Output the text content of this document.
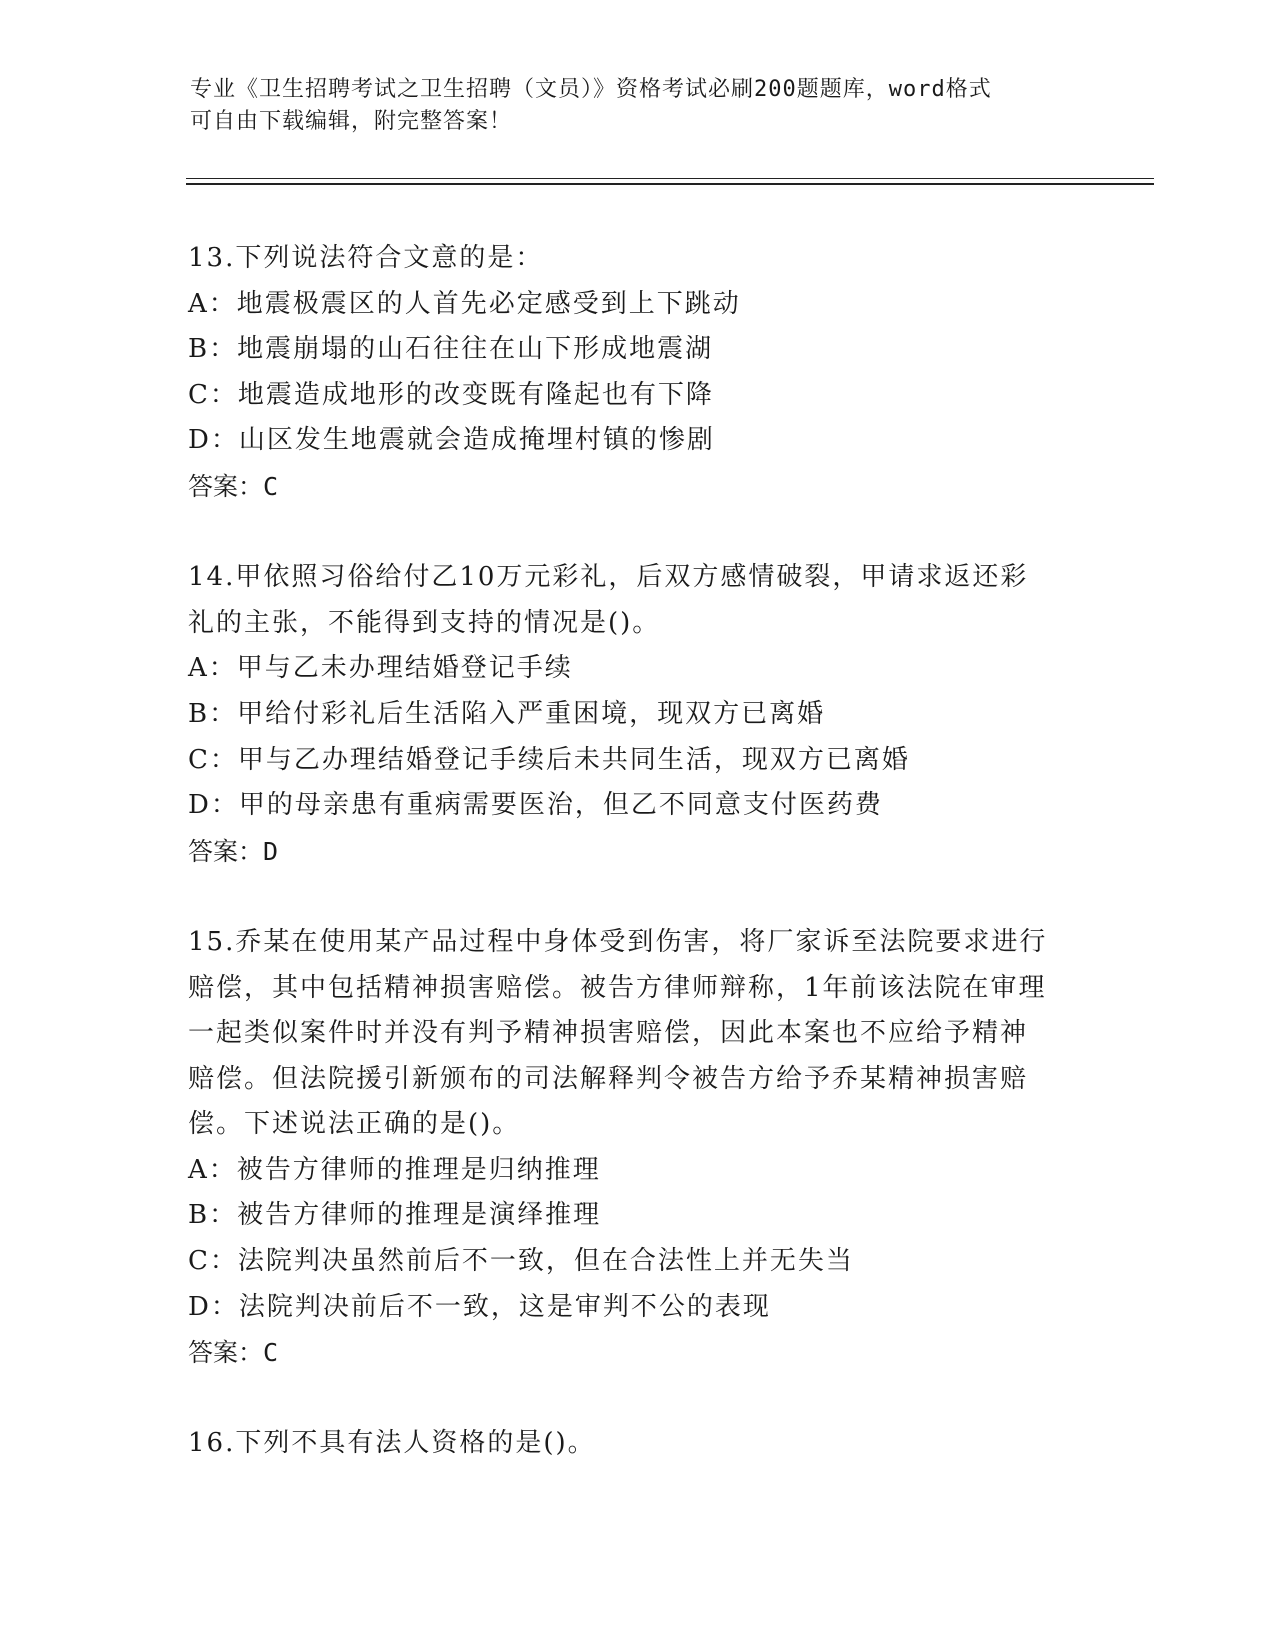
专业《卫生招聘考试之卫生招聘（文员）》资格考试必刷200题题库，word格式
可自由下载编辑，附完整答案！
13.下列说法符合文意的是：
A：地震极震区的人首先必定感受到上下跳动
B：地震崩塌的山石往往在山下形成地震湖
C：地震造成地形的改变既有隆起也有下降
D：山区发生地震就会造成掩埋村镇的惨剧
答案：C
14.甲依照习俗给付乙10万元彩礼，后双方感情破裂，甲请求返还彩
礼的主张，不能得到支持的情况是()。
A：甲与乙未办理结婚登记手续
B：甲给付彩礼后生活陷入严重困境，现双方已离婚
C：甲与乙办理结婚登记手续后未共同生活，现双方已离婚
D：甲的母亲患有重病需要医治，但乙不同意支付医药费
答案：D
15.乔某在使用某产品过程中身体受到伤害，将厂家诉至法院要求进行
赔偿，其中包括精神损害赔偿。被告方律师辩称，1年前该法院在审理
一起类似案件时并没有判予精神损害赔偿，因此本案也不应给予精神
赔偿。但法院援引新颁布的司法解释判令被告方给予乔某精神损害赔
偿。下述说法正确的是()。
A：被告方律师的推理是归纳推理
B：被告方律师的推理是演绎推理
C：法院判决虽然前后不一致，但在合法性上并无失当
D：法院判决前后不一致，这是审判不公的表现
答案：C
16.下列不具有法人资格的是()。
